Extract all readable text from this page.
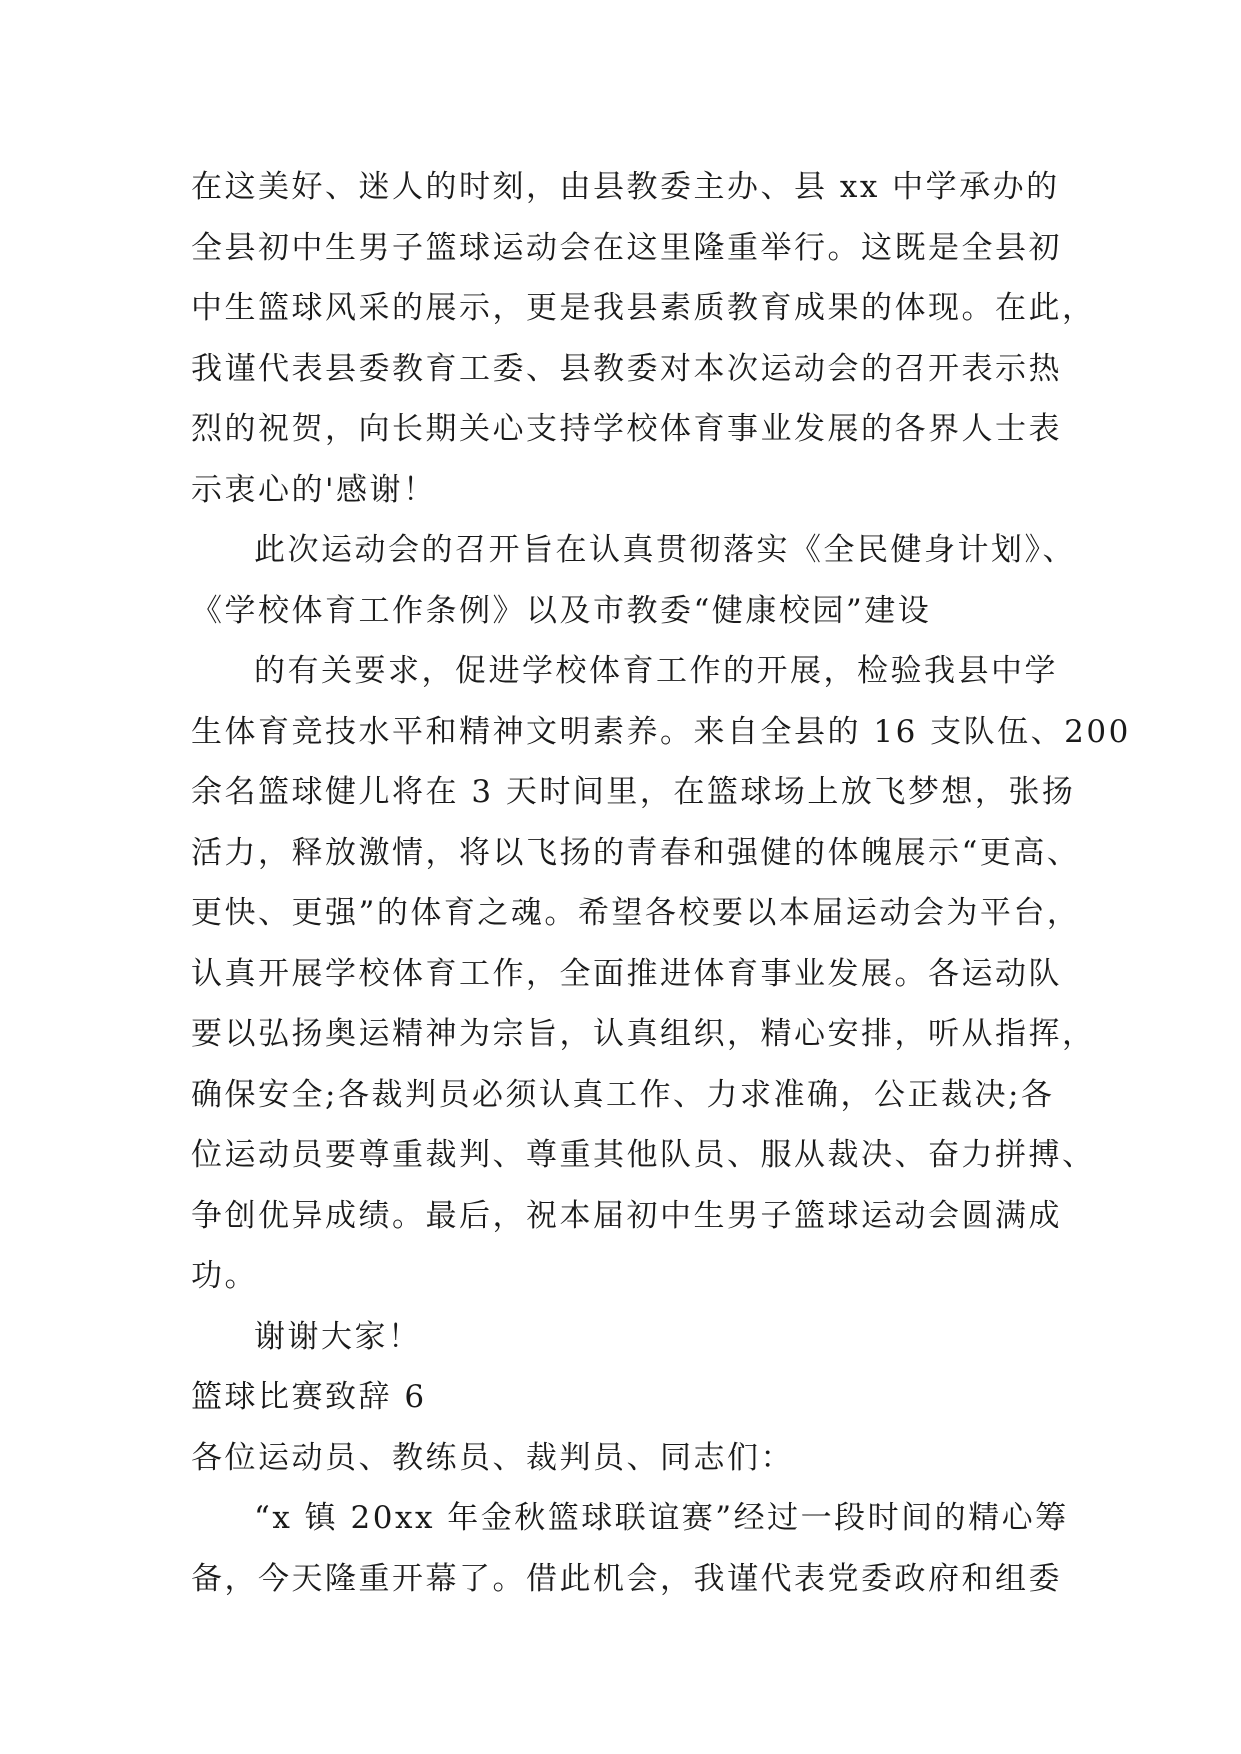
在这美好、迷人的时刻，由县教委主办、县 xx 中学承办的
全县初中生男子篮球运动会在这里隆重举行。这既是全县初
中生篮球风采的展示，更是我县素质教育成果的体现。在此，
我谨代表县委教育工委、县教委对本次运动会的召开表示热
烈的祝贺，向长期关心支持学校体育事业发展的各界人士表
示衷心的'感谢！
此次运动会的召开旨在认真贯彻落实《全民健身计划》、
《学校体育工作条例》以及市教委“健康校园”建设
的有关要求，促进学校体育工作的开展，检验我县中学
生体育竞技水平和精神文明素养。来自全县的 16 支队伍、200
余名篮球健儿将在 3 天时间里，在篮球场上放飞梦想，张扬
活力，释放激情，将以飞扬的青春和强健的体魄展示“更高、
更快、更强”的体育之魂。希望各校要以本届运动会为平台，
认真开展学校体育工作，全面推进体育事业发展。各运动队
要以弘扬奥运精神为宗旨，认真组织，精心安排，听从指挥，
确保安全;各裁判员必须认真工作、力求准确，公正裁决;各
位运动员要尊重裁判、尊重其他队员、服从裁决、奋力拼搏、
争创优异成绩。最后，祝本届初中生男子篮球运动会圆满成
功。
谢谢大家！
篮球比赛致辞 6
各位运动员、教练员、裁判员、同志们：
“x 镇 20xx 年金秋篮球联谊赛”经过一段时间的精心筹
备，今天隆重开幕了。借此机会，我谨代表党委政府和组委
